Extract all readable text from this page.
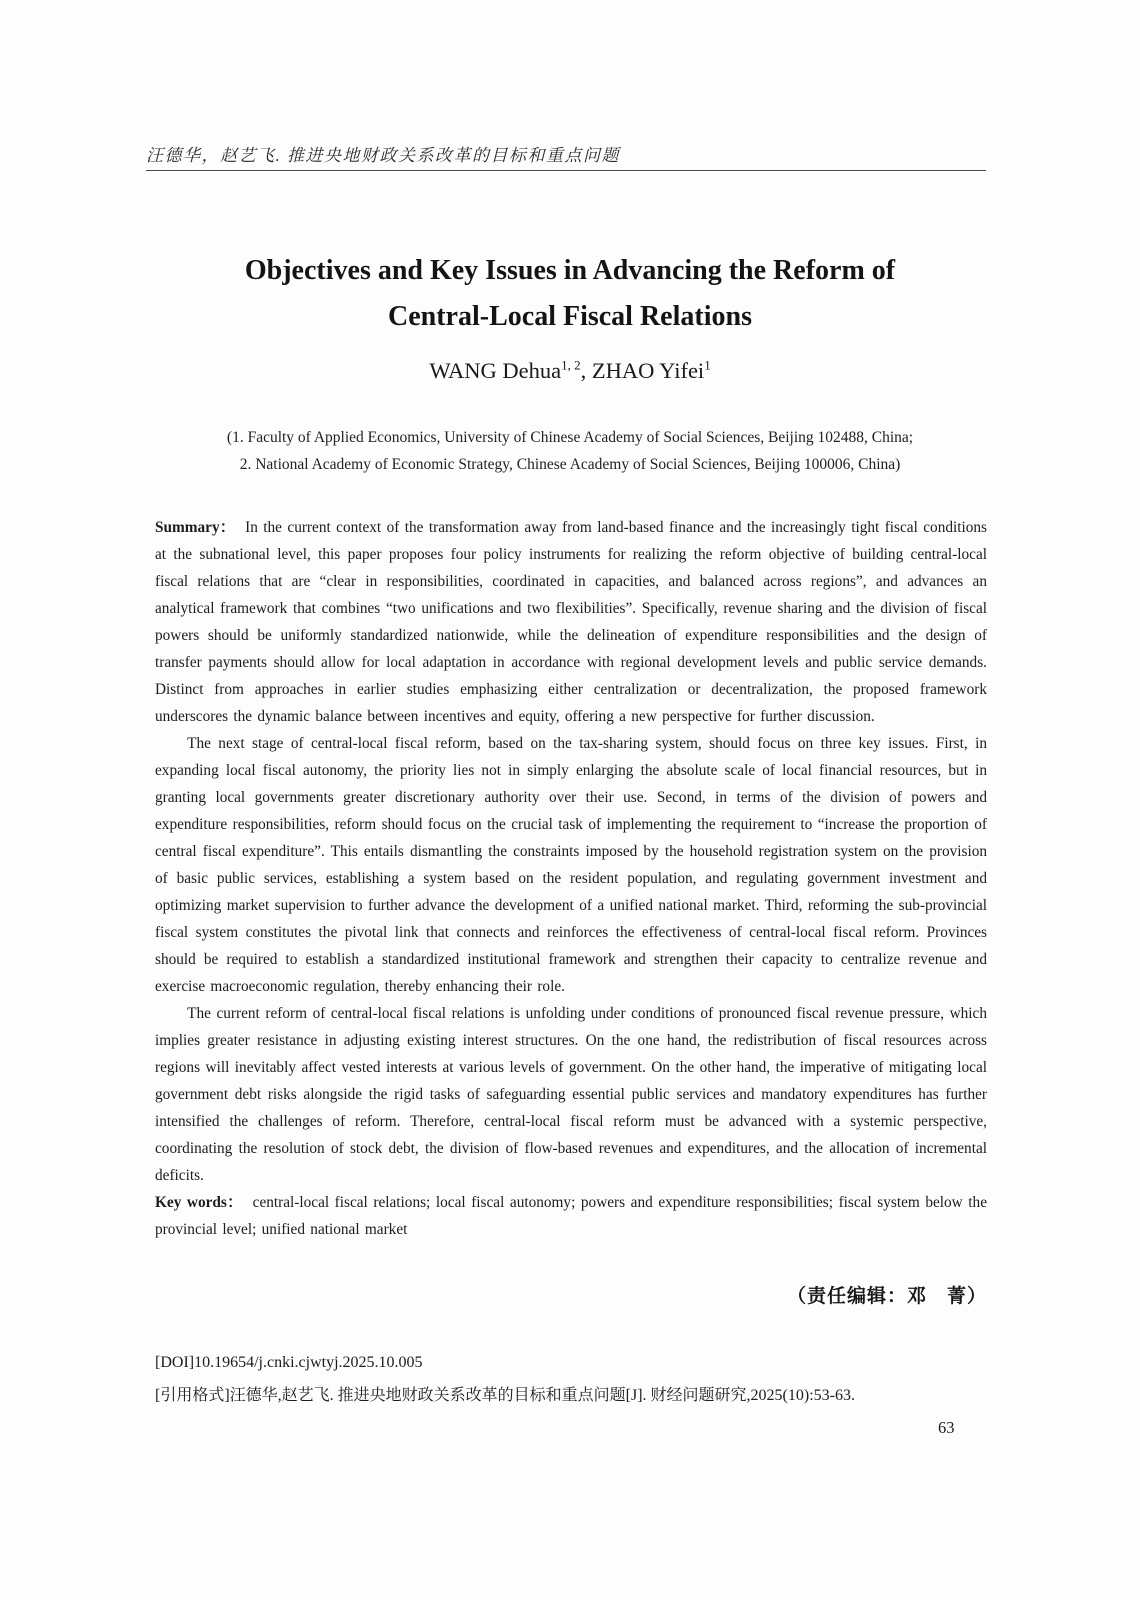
汪德华，赵艺飞. 推进央地财政关系改革的目标和重点问题
Objectives and Key Issues in Advancing the Reform of
Central-Local Fiscal Relations
WANG Dehua$^{1, 2}$, ZHAO Yifei$^1$
(1. Faculty of Applied Economics, University of Chinese Academy of Social Sciences, Beijing 102488, China;
2. National Academy of Economic Strategy, Chinese Academy of Social Sciences, Beijing 100006, China)

Summary： In the current context of the transformation away from land-based finance and the increasingly tight fiscal conditions at the subnational level, this paper proposes four policy instruments for realizing the reform objective of building central-local fiscal relations that are “clear in responsibilities, coordinated in capacities, and balanced across regions”, and advances an analytical framework that combines “two unifications and two flexibilities”. Specifically, revenue sharing and the division of fiscal powers should be uniformly standardized nationwide, while the delineation of expenditure responsibilities and the design of transfer payments should allow for local adaptation in accordance with regional development levels and public service demands. Distinct from approaches in earlier studies emphasizing either centralization or decentralization, the proposed framework underscores the dynamic balance between incentives and equity, offering a new perspective for further discussion.

The next stage of central-local fiscal reform, based on the tax-sharing system, should focus on three key issues. First, in expanding local fiscal autonomy, the priority lies not in simply enlarging the absolute scale of local financial resources, but in granting local governments greater discretionary authority over their use. Second, in terms of the division of powers and expenditure responsibilities, reform should focus on the crucial task of implementing the requirement to “increase the proportion of central fiscal expenditure”. This entails dismantling the constraints imposed by the household registration system on the provision of basic public services, establishing a system based on the resident population, and regulating government investment and optimizing market supervision to further advance the development of a unified national market. Third, reforming the sub-provincial fiscal system constitutes the pivotal link that connects and reinforces the effectiveness of central-local fiscal reform. Provinces should be required to establish a standardized institutional framework and strengthen their capacity to centralize revenue and exercise macroeconomic regulation, thereby enhancing their role.

The current reform of central-local fiscal relations is unfolding under conditions of pronounced fiscal revenue pressure, which implies greater resistance in adjusting existing interest structures. On the one hand, the redistribution of fiscal resources across regions will inevitably affect vested interests at various levels of government. On the other hand, the imperative of mitigating local government debt risks alongside the rigid tasks of safeguarding essential public services and mandatory expenditures has further intensified the challenges of reform. Therefore, central-local fiscal reform must be advanced with a systemic perspective, coordinating the resolution of stock debt, the division of flow-based revenues and expenditures, and the allocation of incremental deficits.

Key words： central-local fiscal relations; local fiscal autonomy; powers and expenditure responsibilities; fiscal system below the provincial level; unified national market

（责任编辑：邓　菁）

[DOI]10.19654/j.cnki.cjwtyj.2025.10.005

[引用格式]汪德华,赵艺飞. 推进央地财政关系改革的目标和重点问题[J]. 财经问题研究,2025(10):53-63.

63
